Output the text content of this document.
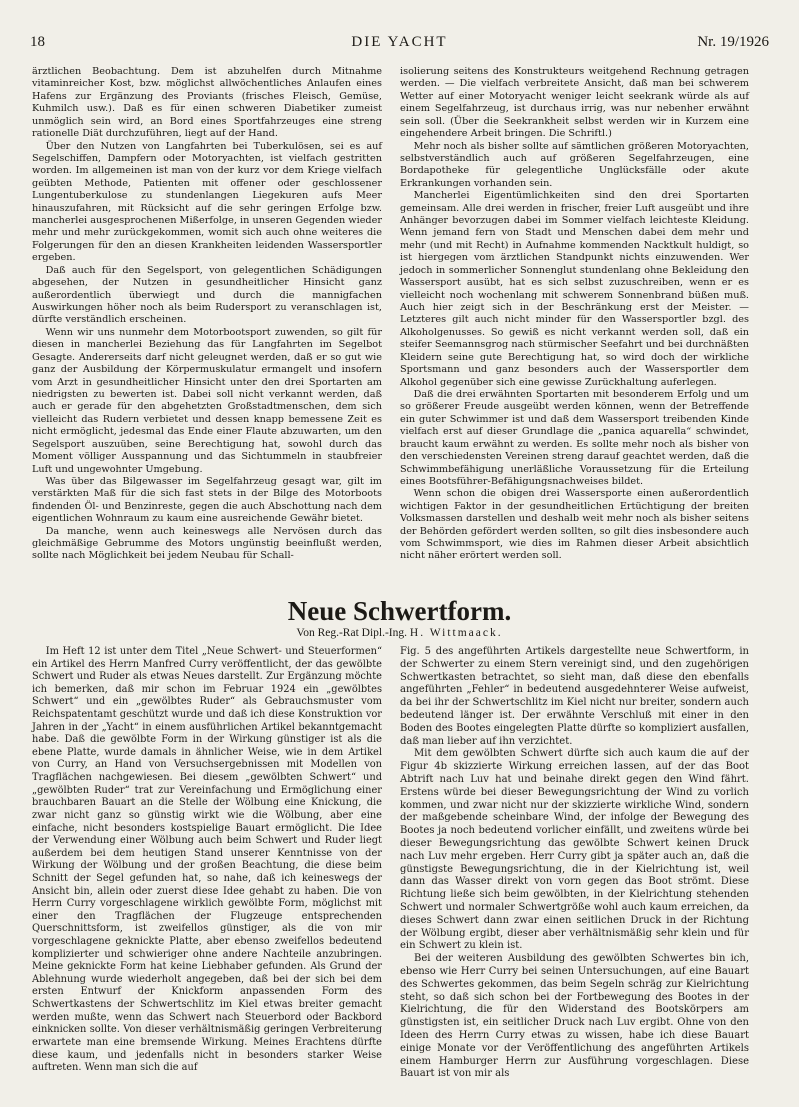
18	DIE YACHT	Nr. 19/1926

ärztlichen Beobachtung. Dem ist abzuhelfen durch Mitnahme vitaminreicher Kost, bzw. möglichst allwöchentliches Anlaufen eines Hafens zur Ergänzung des Proviants (frisches Fleisch, Gemüse, Kuhmilch usw.). Daß es für einen schweren Diabetiker zumeist unmöglich sein wird, an Bord eines Sportfahrzeuges eine streng rationelle Diät durchzuführen, liegt auf der Hand.

Über den Nutzen von Langfahrten bei Tuberkulösen, sei es auf Segelschiffen, Dampfern oder Motoryachten, ist vielfach gestritten worden. Im allgemeinen ist man von der kurz vor dem Kriege vielfach geübten Methode, Patienten mit offener oder geschlossener Lungentuberkulose zu stundenlangen Liegekuren aufs Meer hinauszufahren, mit Rücksicht auf die sehr geringen Erfolge bzw. mancherlei ausgesprochenen Mißerfolge, in unseren Gegenden wieder mehr und mehr zurückgekommen, womit sich auch ohne weiteres die Folgerungen für den an diesen Krankheiten leidenden Wassersportler ergeben.

Daß auch für den Segelsport, von gelegentlichen Schädigungen abgesehen, der Nutzen in gesundheitlicher Hinsicht ganz außerordentlich überwiegt und durch die mannigfachen Auswirkungen höher noch als beim Rudersport zu veranschlagen ist, dürfte verständlich erscheinen.

Wenn wir uns nunmehr dem Motorbootsport zuwenden, so gilt für diesen in mancherlei Beziehung das für Langfahrten im Segelbot Gesagte. Andererseits darf nicht geleugnet werden, daß er so gut wie ganz der Ausbildung der Körpermuskulatur ermangelt und insofern vom Arzt in gesundheitlicher Hinsicht unter den drei Sportarten am niedrigsten zu bewerten ist. Dabei soll nicht verkannt werden, daß auch er gerade für den abgehetzten Großstadtmenschen, dem sich vielleicht das Rudern verbietet und dessen knapp bemessene Zeit es nicht ermöglicht, jedesmal das Ende einer Flaute abzuwarten, um den Segelsport auszuüben, seine Berechtigung hat, sowohl durch das Moment völliger Ausspannung und das Sichtummeln in staubfreier Luft und ungewohnter Umgebung.

Was über das Bilgewasser im Segelfahrzeug gesagt war, gilt im verstärkten Maß für die sich fast stets in der Bilge des Motorboots findenden Öl- und Benzinreste, gegen die auch Abschottung nach dem eigentlichen Wohnraum zu kaum eine ausreichende Gewähr bietet.

Da manche, wenn auch keineswegs alle Nervösen durch das gleichmäßige Gebrumme des Motors ungünstig beeinflußt werden, sollte nach Möglichkeit bei jedem Neubau für Schall-

isolierung seitens des Konstrukteurs weitgehend Rechnung getragen werden. — Die vielfach verbreitete Ansicht, daß man bei schwerem Wetter auf einer Motoryacht weniger leicht seekrank würde als auf einem Segelfahrzeug, ist durchaus irrig, was nur nebenher erwähnt sein soll. (Über die Seekrankheit selbst werden wir in Kurzem eine eingehendere Arbeit bringen. Die Schriftl.)

Mehr noch als bisher sollte auf sämtlichen größeren Motoryachten, selbstverständlich auch auf größeren Segelfahrzeugen, eine Bordapotheke für gelegentliche Unglücksfälle oder akute Erkrankungen vorhanden sein.

Mancherlei Eigentümlichkeiten sind den drei Sportarten gemeinsam. Alle drei werden in frischer, freier Luft ausgeübt und ihre Anhänger bevorzugen dabei im Sommer vielfach leichteste Kleidung. Wenn jemand fern von Stadt und Menschen dabei dem mehr und mehr (und mit Recht) in Aufnahme kommenden Nacktkult huldigt, so ist hiergegen vom ärztlichen Standpunkt nichts einzuwenden. Wer jedoch in sommerlicher Sonnenglut stundenlang ohne Bekleidung den Wassersport ausübt, hat es sich selbst zuzuschreiben, wenn er es vielleicht noch wochenlang mit schwerem Sonnenbrand büßen muß. Auch hier zeigt sich in der Beschränkung erst der Meister. — Letzteres gilt auch nicht minder für den Wassersportler bzgl. des Alkoholgenusses. So gewiß es nicht verkannt werden soll, daß ein steifer Seemannsgrog nach stürmischer Seefahrt und bei durchnäßten Kleidern seine gute Berechtigung hat, so wird doch der wirkliche Sportsmann und ganz besonders auch der Wassersportler dem Alkohol gegenüber sich eine gewisse Zurückhaltung auferlegen.

Daß die drei erwähnten Sportarten mit besonderem Erfolg und um so größerer Freude ausgeübt werden können, wenn der Betreffende ein guter Schwimmer ist und daß dem Wassersport treibenden Kinde vielfach erst auf dieser Grundlage die „panica aquarella“ schwindet, braucht kaum erwähnt zu werden. Es sollte mehr noch als bisher von den verschiedensten Vereinen streng darauf geachtet werden, daß die Schwimmbefähigung unerläßliche Voraussetzung für die Erteilung eines Bootsführer-Befähigungsnachweises bildet.

Wenn schon die obigen drei Wassersporte einen außerordentlich wichtigen Faktor in der gesundheitlichen Ertüchtigung der breiten Volksmassen darstellen und deshalb weit mehr noch als bisher seitens der Behörden gefördert werden sollten, so gilt dies insbesondere auch vom Schwimmsport, wie dies im Rahmen dieser Arbeit absichtlich nicht näher erörtert werden soll.

Neue Schwertform.
Von Reg.-Rat Dipl.-Ing. H. Wittmaack.

Im Heft 12 ist unter dem Titel „Neue Schwert- und Steuerformen“ ein Artikel des Herrn Manfred Curry veröffentlicht, der das gewölbte Schwert und Ruder als etwas Neues darstellt. Zur Ergänzung möchte ich bemerken, daß mir schon im Februar 1924 ein „gewölbtes Schwert“ und ein „gewölbtes Ruder“ als Gebrauchsmuster vom Reichspatentamt geschützt wurde und daß ich diese Konstruktion vor Jahren in der „Yacht“ in einem ausführlichen Artikel bekanntgemacht habe. Daß die gewölbte Form in der Wirkung günstiger ist als die ebene Platte, wurde damals in ähnlicher Weise, wie in dem Artikel von Curry, an Hand von Versuchsergebnissen mit Modellen von Tragflächen nachgewiesen. Bei diesem „gewölbten Schwert“ und „gewölbten Ruder“ trat zur Vereinfachung und Ermöglichung einer brauchbaren Bauart an die Stelle der Wölbung eine Knickung, die zwar nicht ganz so günstig wirkt wie die Wölbung, aber eine einfache, nicht besonders kostspielige Bauart ermöglicht. Die Idee der Verwendung einer Wölbung auch beim Schwert und Ruder liegt außerdem bei dem heutigen Stand unserer Kenntnisse von der Wirkung der Wölbung und der großen Beachtung, die diese beim Schnitt der Segel gefunden hat, so nahe, daß ich keineswegs der Ansicht bin, allein oder zuerst diese Idee gehabt zu haben. Die von Herrn Curry vorgeschlagene wirklich gewölbte Form, möglichst mit einer den Tragflächen der Flugzeuge entsprechenden Querschnittsform, ist zweifellos günstiger, als die von mir vorgeschlagene geknickte Platte, aber ebenso zweifellos bedeutend komplizierter und schwieriger ohne andere Nachteile anzubringen. Meine geknickte Form hat keine Liebhaber gefunden. Als Grund der Ablehnung wurde wiederholt angegeben, daß bei der sich bei dem ersten Entwurf der Knickform anpassenden Form des Schwertkastens der Schwertschlitz im Kiel etwas breiter gemacht werden mußte, wenn das Schwert nach Steuerbord oder Backbord einknicken sollte. Von dieser verhältnismäßig geringen Verbreiterung erwartete man eine bremsende Wirkung. Meines Erachtens dürfte diese kaum, und jedenfalls nicht in besonders starker Weise auftreten. Wenn man sich die auf

Fig. 5 des angeführten Artikels dargestellte neue Schwertform, in der Schwerter zu einem Stern vereinigt sind, und den zugehörigen Schwertkasten betrachtet, so sieht man, daß diese den ebenfalls angeführten „Fehler“ in bedeutend ausgedehnterer Weise aufweist, da bei ihr der Schwertschlitz im Kiel nicht nur breiter, sondern auch bedeutend länger ist. Der erwähnte Verschluß mit einer in den Boden des Bootes eingelegten Platte dürfte so kompliziert ausfallen, daß man lieber auf ihn verzichtet.

Mit dem gewölbten Schwert dürfte sich auch kaum die auf der Figur 4b skizzierte Wirkung erreichen lassen, auf der das Boot Abtrift nach Luv hat und beinahe direkt gegen den Wind fährt. Erstens würde bei dieser Bewegungsrichtung der Wind zu vorlich kommen, und zwar nicht nur der skizzierte wirkliche Wind, sondern der maßgebende scheinbare Wind, der infolge der Bewegung des Bootes ja noch bedeutend vorlicher einfällt, und zweitens würde bei dieser Bewegungsrichtung das gewölbte Schwert keinen Druck nach Luv mehr ergeben. Herr Curry gibt ja später auch an, daß die günstigste Bewegungsrichtung, die in der Kielrichtung ist, weil dann das Wasser direkt von vorn gegen das Boot strömt. Diese Richtung ließe sich beim gewölbten, in der Kielrichtung stehenden Schwert und normaler Schwertgröße wohl auch kaum erreichen, da dieses Schwert dann zwar einen seitlichen Druck in der Richtung der Wölbung ergibt, dieser aber verhältnismäßig sehr klein und für ein Schwert zu klein ist.

Bei der weiteren Ausbildung des gewölbten Schwertes bin ich, ebenso wie Herr Curry bei seinen Untersuchungen, auf eine Bauart des Schwertes gekommen, das beim Segeln schräg zur Kielrichtung steht, so daß sich schon bei der Fortbewegung des Bootes in der Kielrichtung, die für den Widerstand des Bootskörpers am günstigsten ist, ein seitlicher Druck nach Luv ergibt. Ohne von den Ideen des Herrn Curry etwas zu wissen, habe ich diese Bauart einige Monate vor der Veröffentlichung des angeführten Artikels einem Hamburger Herrn zur Ausführung vorgeschlagen. Diese Bauart ist von mir als
